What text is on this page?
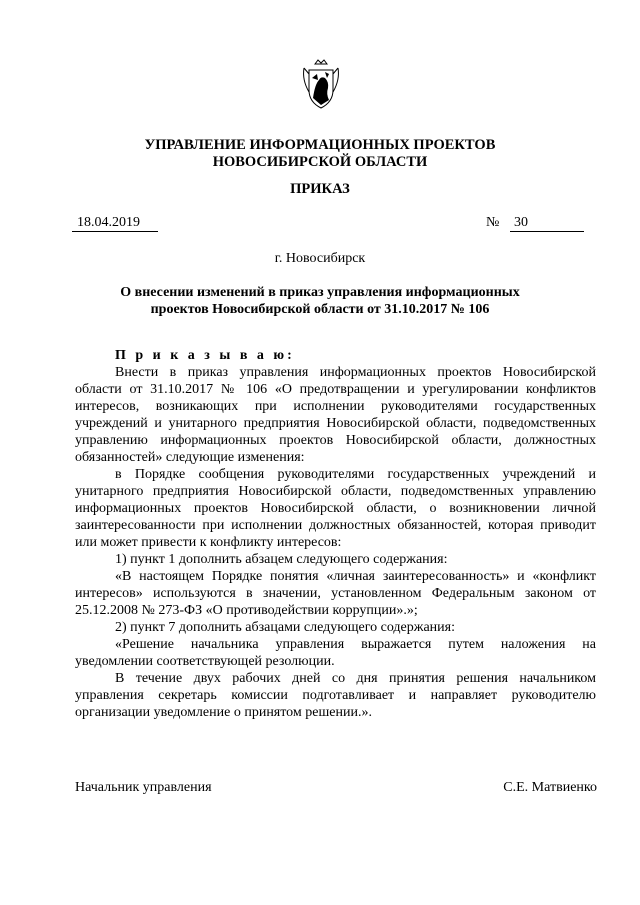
УПРАВЛЕНИЕ ИНФОРМАЦИОННЫХ ПРОЕКТОВ
НОВОСИБИРСКОЙ ОБЛАСТИ
ПРИКАЗ
18.04.2019	№ 30
г. Новосибирск
О внесении изменений в приказ управления информационных
проектов Новосибирской области от 31.10.2017 № 106

П р и к а з ы в а ю:

Внести в приказ управления информационных проектов Новосибирской области от 31.10.2017 № 106 «О предотвращении и урегулировании конфликтов интересов, возникающих при исполнении руководителями государственных учреждений и унитарного предприятия Новосибирской области, подведомственных управлению информационных проектов Новосибирской области, должностных обязанностей» следующие изменения:

в Порядке сообщения руководителями государственных учреждений и унитарного предприятия Новосибирской области, подведомственных управлению информационных проектов Новосибирской области, о возникновении личной заинтересованности при исполнении должностных обязанностей, которая приводит или может привести к конфликту интересов:

1) пункт 1 дополнить абзацем следующего содержания:

«В настоящем Порядке понятия «личная заинтересованность» и «конфликт интересов» используются в значении, установленном Федеральным законом от 25.12.2008 № 273-ФЗ «О противодействии коррупции».»;

2) пункт 7 дополнить абзацами следующего содержания:

«Решение начальника управления выражается путем наложения на уведомлении соответствующей резолюции.

В течение двух рабочих дней со дня принятия решения начальником управления секретарь комиссии подготавливает и направляет руководителю организации уведомление о принятом решении.».

Начальник управления	С.Е. Матвиенко
